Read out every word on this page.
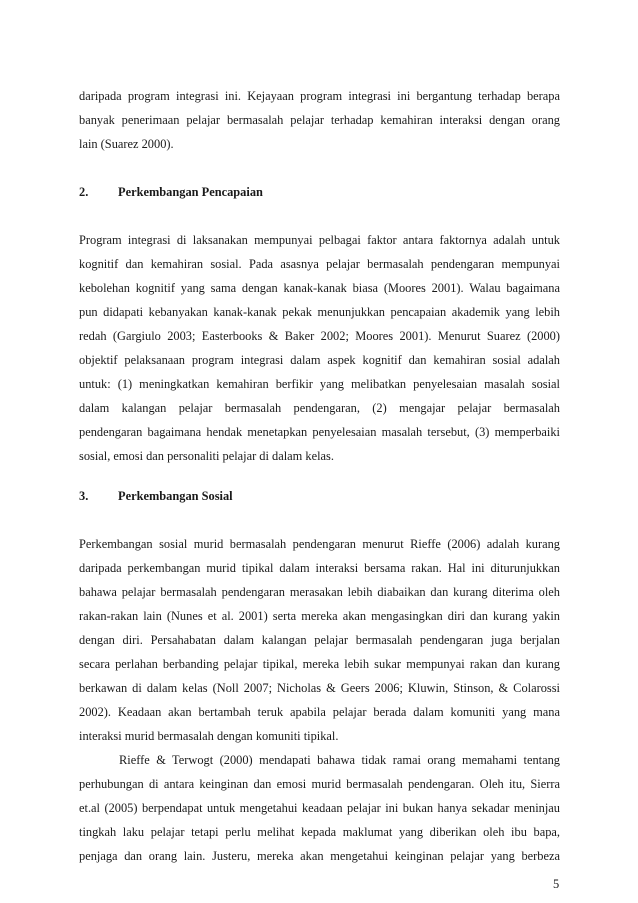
daripada program integrasi ini. Kejayaan program integrasi ini bergantung terhadap berapa
banyak penerimaan pelajar bermasalah pelajar terhadap kemahiran interaksi dengan orang
lain (Suarez 2000).
2. Perkembangan Pencapaian
Program integrasi di laksanakan mempunyai pelbagai faktor antara faktornya adalah untuk
kognitif dan kemahiran sosial. Pada asasnya pelajar bermasalah pendengaran mempunyai
kebolehan kognitif yang sama dengan kanak-kanak biasa (Moores 2001). Walau bagaimana
pun didapati kebanyakan kanak-kanak pekak menunjukkan pencapaian akademik yang lebih
redah (Gargiulo 2003; Easterbooks & Baker 2002; Moores 2001). Menurut Suarez (2000)
objektif pelaksanaan program integrasi dalam aspek kognitif dan kemahiran sosial adalah
untuk: (1) meningkatkan kemahiran berfikir yang melibatkan penyelesaian masalah sosial
dalam kalangan pelajar bermasalah pendengaran, (2) mengajar pelajar bermasalah
pendengaran bagaimana hendak menetapkan penyelesaian masalah tersebut, (3) memperbaiki
sosial, emosi dan personaliti pelajar di dalam kelas.
3. Perkembangan Sosial
Perkembangan sosial murid bermasalah pendengaran menurut Rieffe (2006) adalah kurang
daripada perkembangan murid tipikal dalam interaksi bersama rakan. Hal ini diturunjukkan
bahawa pelajar bermasalah pendengaran merasakan lebih diabaikan dan kurang diterima oleh
rakan-rakan lain (Nunes et al. 2001) serta mereka akan mengasingkan diri dan kurang yakin
dengan diri. Persahabatan dalam kalangan pelajar bermasalah pendengaran juga berjalan
secara perlahan berbanding pelajar tipikal, mereka lebih sukar mempunyai rakan dan kurang
berkawan di dalam kelas (Noll 2007; Nicholas & Geers 2006; Kluwin, Stinson, & Colarossi
2002). Keadaan akan bertambah teruk apabila pelajar berada dalam komuniti yang mana
interaksi murid bermasalah dengan komuniti tipikal.
5
Rieffe & Terwogt (2000) mendapati bahawa tidak ramai orang memahami tentang
perhubungan di antara keinginan dan emosi murid bermasalah pendengaran. Oleh itu, Sierra
et.al (2005) berpendapat untuk mengetahui keadaan pelajar ini bukan hanya sekadar meninjau
tingkah laku pelajar tetapi perlu melihat kepada maklumat yang diberikan oleh ibu bapa,
penjaga dan orang lain. Justeru, mereka akan mengetahui keinginan pelajar yang berbeza
